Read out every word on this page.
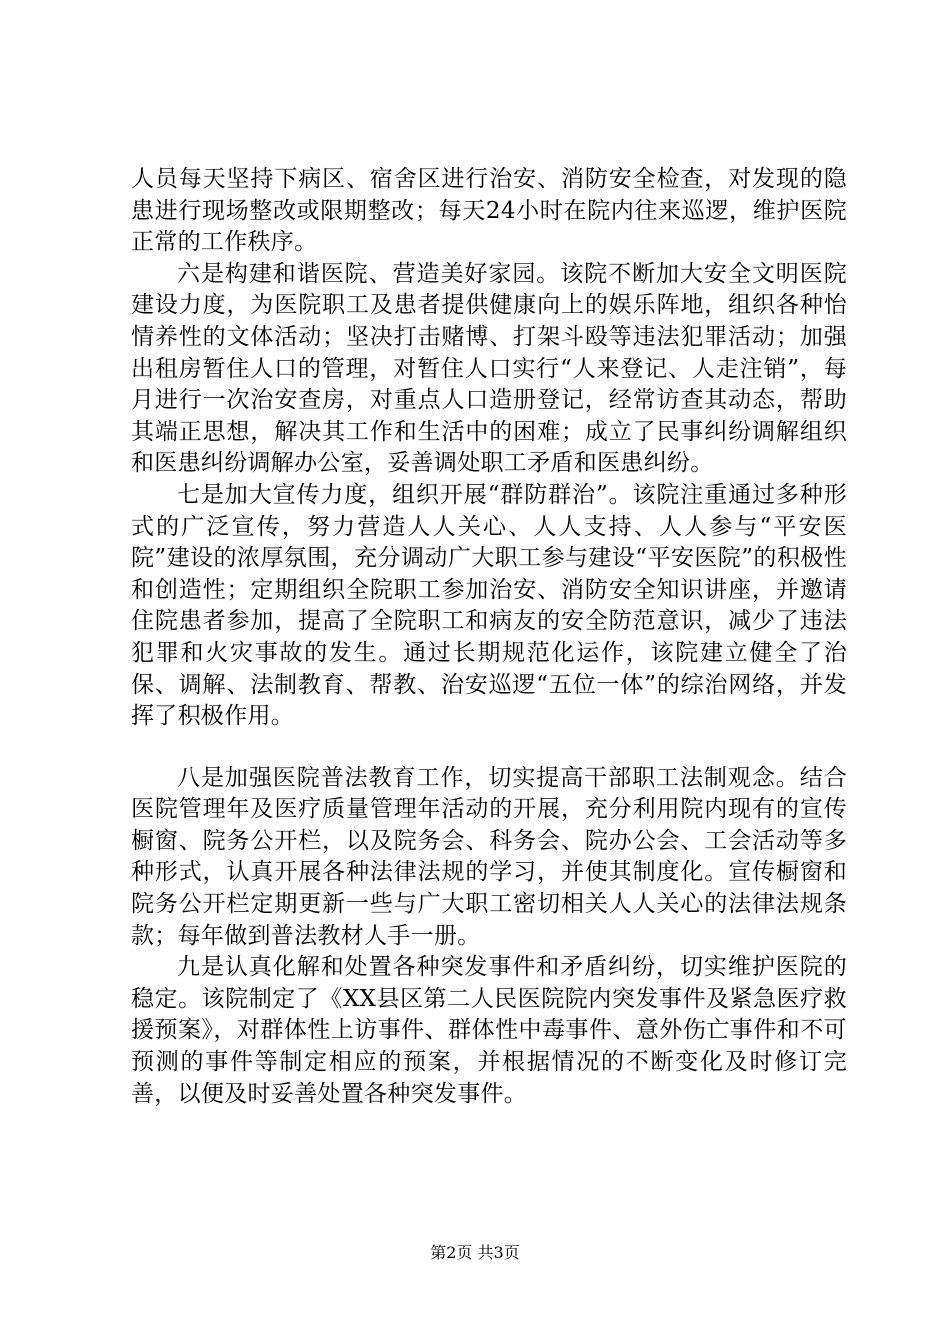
人员每天坚持下病区、宿舍区进行治安、消防安全检查，对发现的隐患进行现场整改或限期整改；每天24小时在院内往来巡逻，维护医院正常的工作秩序。

六是构建和谐医院、营造美好家园。该院不断加大安全文明医院建设力度，为医院职工及患者提供健康向上的娱乐阵地，组织各种怡情养性的文体活动；坚决打击赌博、打架斗殴等违法犯罪活动；加强出租房暂住人口的管理，对暂住人口实行“人来登记、人走注销”，每月进行一次治安查房，对重点人口造册登记，经常访查其动态，帮助其端正思想，解决其工作和生活中的困难；成立了民事纠纷调解组织和医患纠纷调解办公室，妥善调处职工矛盾和医患纠纷。

七是加大宣传力度，组织开展“群防群治”。该院注重通过多种形式的广泛宣传，努力营造人人关心、人人支持、人人参与“平安医院”建设的浓厚氛围，充分调动广大职工参与建设“平安医院”的积极性和创造性；定期组织全院职工参加治安、消防安全知识讲座，并邀请住院患者参加，提高了全院职工和病友的安全防范意识，减少了违法犯罪和火灾事故的发生。通过长期规范化运作，该院建立健全了治保、调解、法制教育、帮教、治安巡逻“五位一体”的综治网络，并发挥了积极作用。

八是加强医院普法教育工作，切实提高干部职工法制观念。结合医院管理年及医疗质量管理年活动的开展，充分利用院内现有的宣传橱窗、院务公开栏，以及院务会、科务会、院办公会、工会活动等多种形式，认真开展各种法律法规的学习，并使其制度化。宣传橱窗和院务公开栏定期更新一些与广大职工密切相关人人关心的法律法规条款；每年做到普法教材人手一册。

九是认真化解和处置各种突发事件和矛盾纠纷，切实维护医院的稳定。该院制定了《XX县区第二人民医院院内突发事件及紧急医疗救援预案》，对群体性上访事件、群体性中毒事件、意外伤亡事件和不可预测的事件等制定相应的预案，并根据情况的不断变化及时修订完善，以便及时妥善处置各种突发事件。

第2页 共3页
